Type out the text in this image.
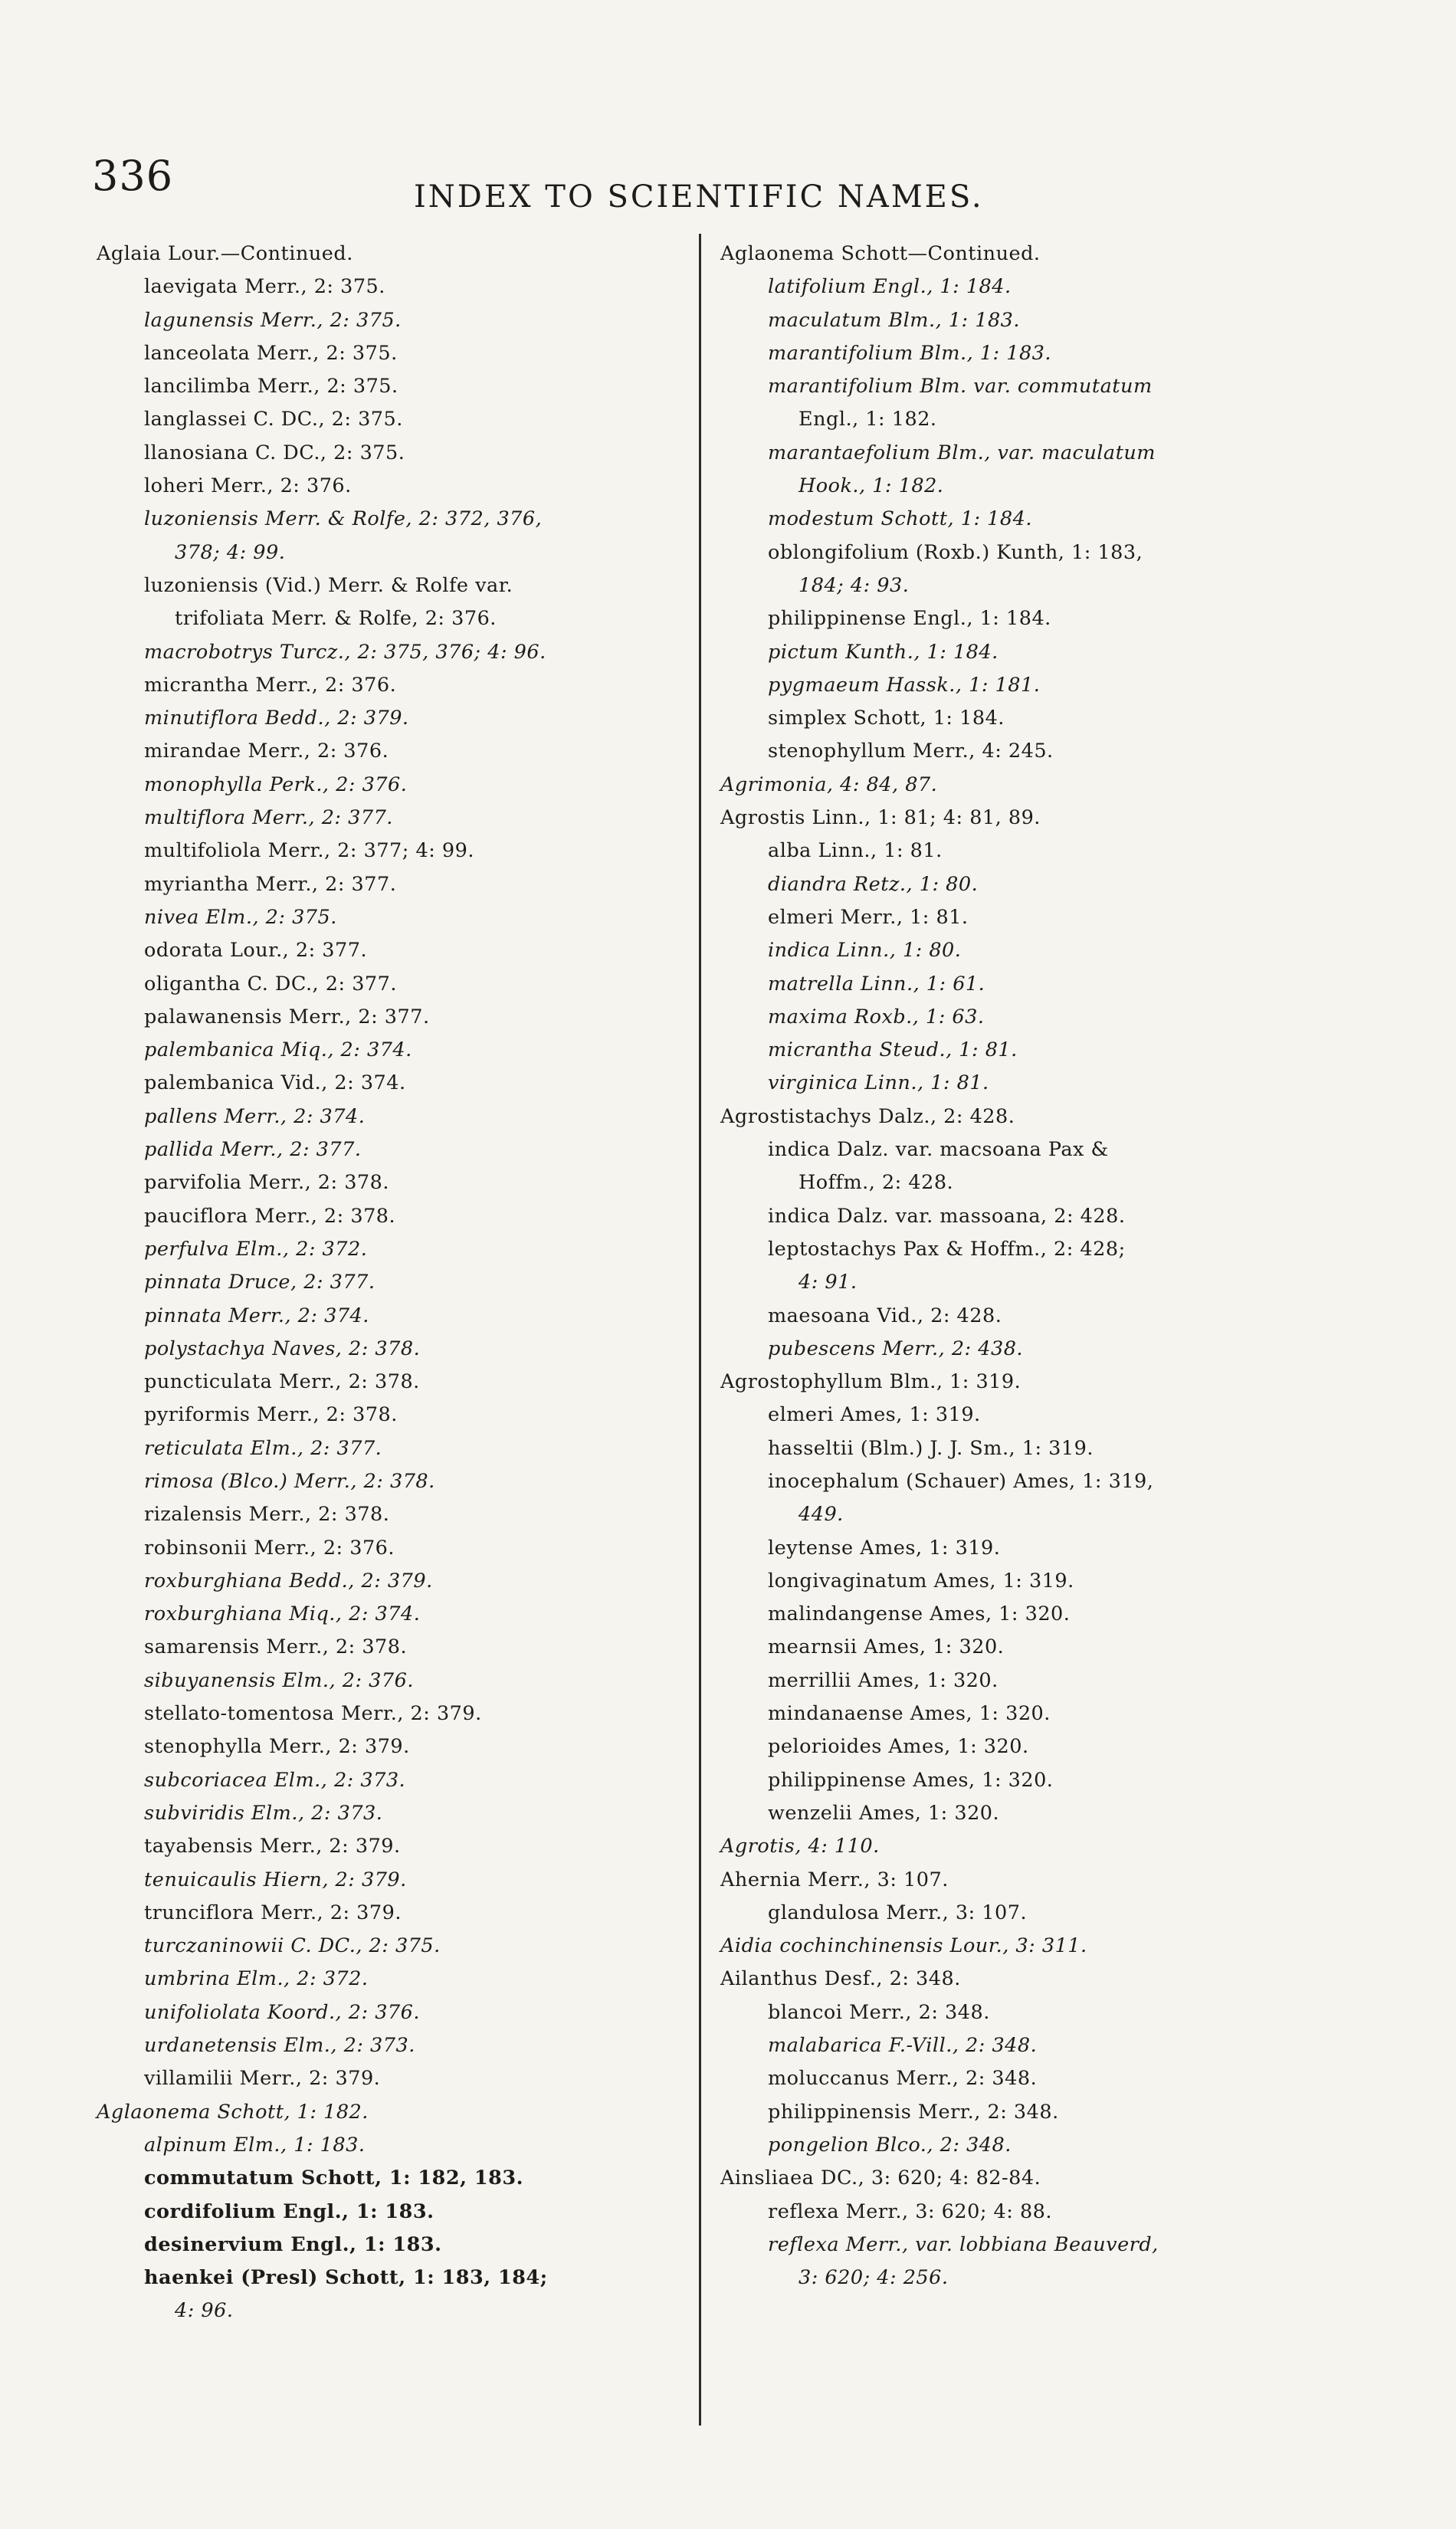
336	INDEX TO SCIENTIFIC NAMES.
Aglaia Lour.—Continued.
laevigata Merr., 2: 375.
lagunensis Merr., 2: 375.
lanceolata Merr., 2: 375.
lancilimba Merr., 2: 375.
langlassei C. DC., 2: 375.
llanosiana C. DC., 2: 375.
loheri Merr., 2: 376.
luzoniensis Merr. & Rolfe, 2: 372, 376,
378; 4: 99.
luzoniensis (Vid.) Merr. & Rolfe var.
trifoliata Merr. & Rolfe, 2: 376.
macrobotrys Turcz., 2: 375, 376; 4: 96.
micrantha Merr., 2: 376.
minutiflora Bedd., 2: 379.
mirandae Merr., 2: 376.
monophylla Perk., 2: 376.
multiflora Merr., 2: 377.
multifoliola Merr., 2: 377; 4: 99.
myriantha Merr., 2: 377.
nivea Elm., 2: 375.
odorata Lour., 2: 377.
oligantha C. DC., 2: 377.
palawanensis Merr., 2: 377.
palembanica Miq., 2: 374.
palembanica Vid., 2: 374.
pallens Merr., 2: 374.
pallida Merr., 2: 377.
parvifolia Merr., 2: 378.
pauciflora Merr., 2: 378.
perfulva Elm., 2: 372.
pinnata Druce, 2: 377.
pinnata Merr., 2: 374.
polystachya Naves, 2: 378.
puncticulata Merr., 2: 378.
pyriformis Merr., 2: 378.
reticulata Elm., 2: 377.
rimosa (Blco.) Merr., 2: 378.
rizalensis Merr., 2: 378.
robinsonii Merr., 2: 376.
roxburghiana Bedd., 2: 379.
roxburghiana Miq., 2: 374.
samarensis Merr., 2: 378.
sibuyanensis Elm., 2: 376.
stellato-tomentosa Merr., 2: 379.
stenophylla Merr., 2: 379.
subcoriacea Elm., 2: 373.
subviridis Elm., 2: 373.
tayabensis Merr., 2: 379.
tenuicaulis Hiern, 2: 379.
trunciflora Merr., 2: 379.
turczaninowii C. DC., 2: 375.
umbrina Elm., 2: 372.
unifoliolata Koord., 2: 376.
urdanetensis Elm., 2: 373.
villamilii Merr., 2: 379.
Aglaonema Schott, 1: 182.
alpinum Elm., 1: 183.
commutatum Schott, 1: 182, 183.
cordifolium Engl., 1: 183.
desinervium Engl., 1: 183.
haenkei (Presl) Schott, 1: 183, 184;
4: 96.
Aglaonema Schott—Continued.
latifolium Engl., 1: 184.
maculatum Blm., 1: 183.
marantifolium Blm., 1: 183.
marantifolium Blm. var. commutatum
Engl., 1: 182.
marantaefolium Blm., var. maculatum
Hook., 1: 182.
modestum Schott, 1: 184.
oblongifolium (Roxb.) Kunth, 1: 183,
184; 4: 93.
philippinense Engl., 1: 184.
pictum Kunth., 1: 184.
pygmaeum Hassk., 1: 181.
simplex Schott, 1: 184.
stenophyllum Merr., 4: 245.
Agrimonia, 4: 84, 87.
Agrostis Linn., 1: 81; 4: 81, 89.
alba Linn., 1: 81.
diandra Retz., 1: 80.
elmeri Merr., 1: 81.
indica Linn., 1: 80.
matrella Linn., 1: 61.
maxima Roxb., 1: 63.
micrantha Steud., 1: 81.
virginica Linn., 1: 81.
Agrostistachys Dalz., 2: 428.
indica Dalz. var. macsoana Pax &
Hoffm., 2: 428.
indica Dalz. var. massoana, 2: 428.
leptostachys Pax & Hoffm., 2: 428;
4: 91.
maesoana Vid., 2: 428.
pubescens Merr., 2: 438.
Agrostophyllum Blm., 1: 319.
elmeri Ames, 1: 319.
hasseltii (Blm.) J. J. Sm., 1: 319.
inocephalum (Schauer) Ames, 1: 319,
449.
leytense Ames, 1: 319.
longivaginatum Ames, 1: 319.
malindangense Ames, 1: 320.
mearnsii Ames, 1: 320.
merrillii Ames, 1: 320.
mindanaense Ames, 1: 320.
pelorioides Ames, 1: 320.
philippinense Ames, 1: 320.
wenzelii Ames, 1: 320.
Agrotis, 4: 110.
Ahernia Merr., 3: 107.
glandulosa Merr., 3: 107.
Aidia cochinchinensis Lour., 3: 311.
Ailanthus Desf., 2: 348.
blancoi Merr., 2: 348.
malabarica F.-Vill., 2: 348.
moluccanus Merr., 2: 348.
philippinensis Merr., 2: 348.
pongelion Blco., 2: 348.
Ainsliaea DC., 3: 620; 4: 82-84.
reflexa Merr., 3: 620; 4: 88.
reflexa Merr., var. lobbiana Beauverd,
3: 620; 4: 256.
